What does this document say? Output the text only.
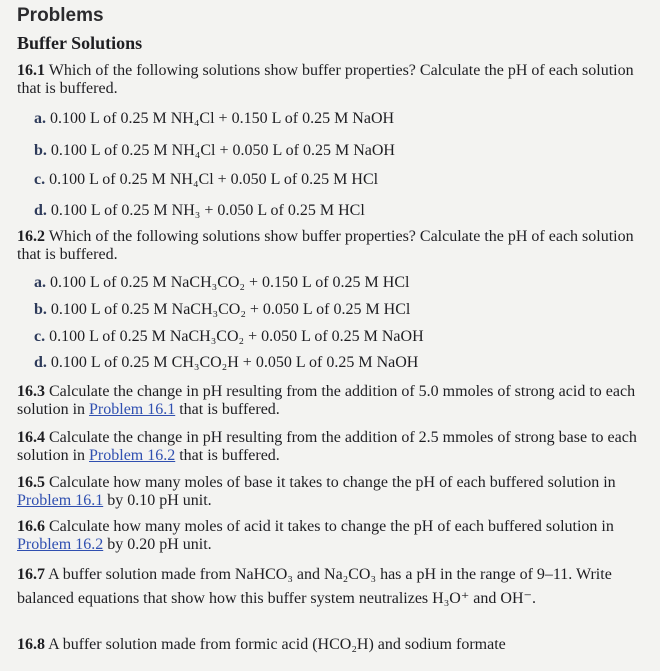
Problems
Buffer Solutions
16.1 Which of the following solutions show buffer properties? Calculate the pH of each solution that is buffered.
a. 0.100 L of 0.25 M NH₄Cl + 0.150 L of 0.25 M NaOH
b. 0.100 L of 0.25 M NH₄Cl + 0.050 L of 0.25 M NaOH
c. 0.100 L of 0.25 M NH₄Cl + 0.050 L of 0.25 M HCl
d. 0.100 L of 0.25 M NH₃ + 0.050 L of 0.25 M HCl
16.2 Which of the following solutions show buffer properties? Calculate the pH of each solution that is buffered.
a. 0.100 L of 0.25 M NaCH₃CO₂ + 0.150 L of 0.25 M HCl
b. 0.100 L of 0.25 M NaCH₃CO₂ + 0.050 L of 0.25 M HCl
c. 0.100 L of 0.25 M NaCH₃CO₂ + 0.050 L of 0.25 M NaOH
d. 0.100 L of 0.25 M CH₃CO₂H + 0.050 L of 0.25 M NaOH
16.3 Calculate the change in pH resulting from the addition of 5.0 mmoles of strong acid to each solution in Problem 16.1 that is buffered.
16.4 Calculate the change in pH resulting from the addition of 2.5 mmoles of strong base to each solution in Problem 16.2 that is buffered.
16.5 Calculate how many moles of base it takes to change the pH of each buffered solution in Problem 16.1 by 0.10 pH unit.
16.6 Calculate how many moles of acid it takes to change the pH of each buffered solution in Problem 16.2 by 0.20 pH unit.
16.7 A buffer solution made from NaHCO₃ and Na₂CO₃ has a pH in the range of 9–11. Write balanced equations that show how this buffer system neutralizes H₃O⁺ and OH⁻.
16.8 A buffer solution made from formic acid (HCO₂H) and sodium formate
